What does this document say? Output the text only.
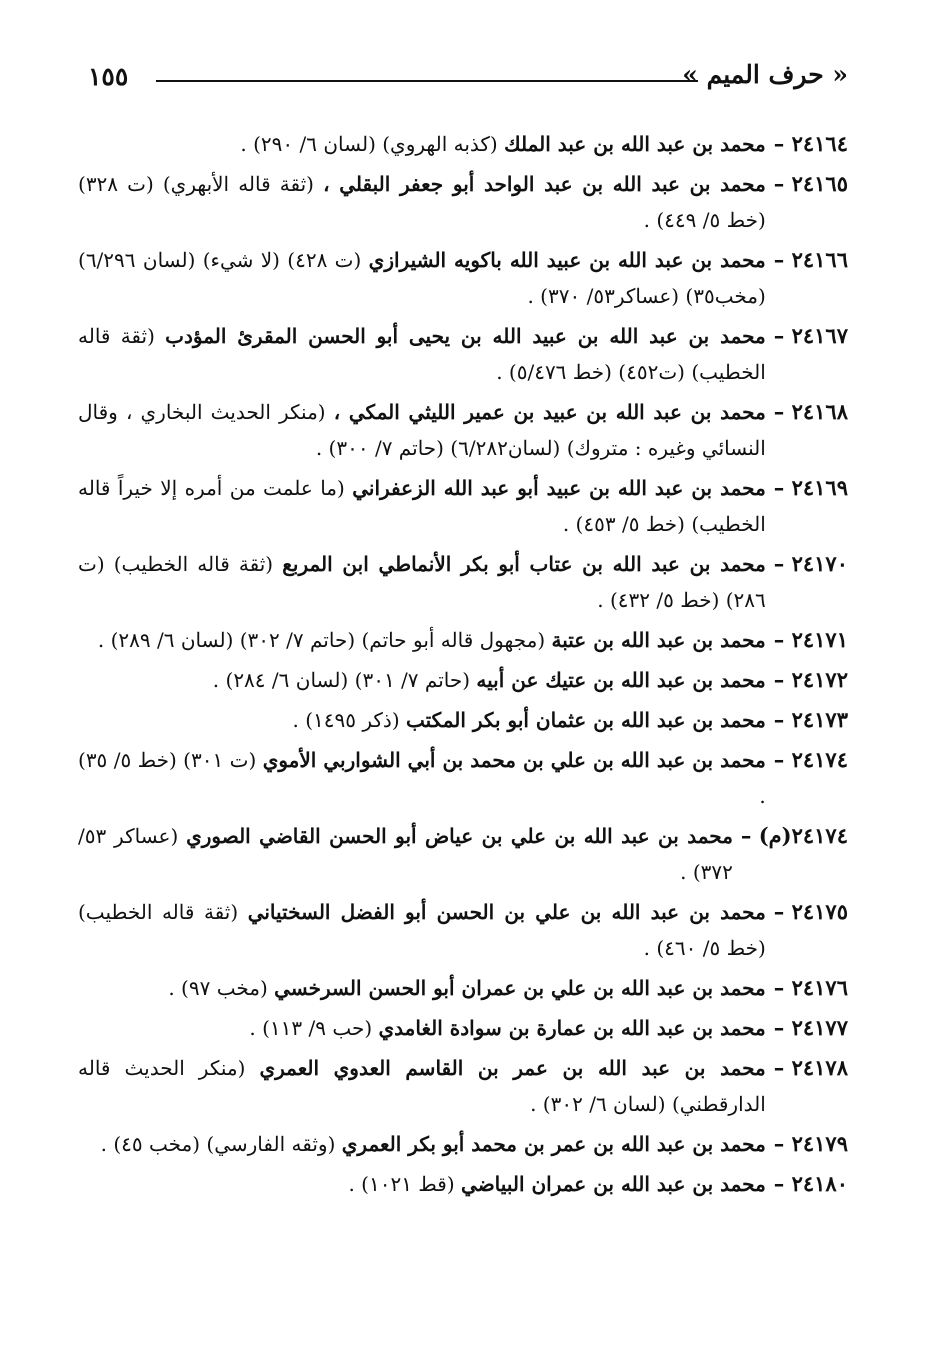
١٥٥	« حرف الميم »
٢٤١٦٤ –
محمد بن عبد الله بن عبد الملك (كذبه الهروي) (لسان ٦/ ٢٩٠) .
٢٤١٦٥ –
محمد بن عبد الله بن عبد الواحد أبو جعفر البقلي ، (ثقة قاله الأبهري) (ت ٣٢٨) (خط ٥/ ٤٤٩) .
٢٤١٦٦ –
محمد بن عبد الله بن عبيد الله باكويه الشيرازي (ت ٤٢٨) (لا شيء) (لسان ٦/٢٩٦) (مخب٣٥) (عساكر٥٣/ ٣٧٠) .
٢٤١٦٧ –
محمد بن عبد الله بن عبيد الله بن يحيى أبو الحسن المقرئ المؤدب (ثقة قاله الخطيب) (ت٤٥٢) (خط ٥/٤٧٦) .
٢٤١٦٨ –
محمد بن عبد الله بن عبيد بن عمير الليثي المكي ، (منكر الحديث البخاري ، وقال النسائي وغيره : متروك) (لسان٦/٢٨٢) (حاتم ٧/ ٣٠٠) .
٢٤١٦٩ –
محمد بن عبد الله بن عبيد أبو عبد الله الزعفراني (ما علمت من أمره إلا خيراً قاله الخطيب) (خط ٥/ ٤٥٣) .
٢٤١٧٠ –
محمد بن عبد الله بن عتاب أبو بكر الأنماطي ابن المربع (ثقة قاله الخطيب) (ت ٢٨٦) (خط ٥/ ٤٣٢) .
٢٤١٧١ –
محمد بن عبد الله بن عتبة (مجهول قاله أبو حاتم) (حاتم ٧/ ٣٠٢) (لسان ٦/ ٢٨٩) .
٢٤١٧٢ –
محمد بن عبد الله بن عتيك عن أبيه (حاتم ٧/ ٣٠١) (لسان ٦/ ٢٨٤) .
٢٤١٧٣ –
محمد بن عبد الله بن عثمان أبو بكر المكتب (ذكر ١٤٩٥) .
٢٤١٧٤ –
محمد بن عبد الله بن علي بن محمد بن أبي الشواربي الأموي (ت ٣٠١) (خط ٥/ ٣٥) .
٢٤١٧٤(م) –
محمد بن عبد الله بن علي بن عياض أبو الحسن القاضي الصوري (عساكر ٥٣/ ٣٧٢) .
٢٤١٧٥ –
محمد بن عبد الله بن علي بن الحسن أبو الفضل السختياني (ثقة قاله الخطيب) (خط ٥/ ٤٦٠) .
٢٤١٧٦ –
محمد بن عبد الله بن علي بن عمران أبو الحسن السرخسي (مخب ٩٧) .
٢٤١٧٧ –
محمد بن عبد الله بن عمارة بن سوادة الغامدي (حب ٩/ ١١٣) .
٢٤١٧٨ –
محمد بن عبد الله بن عمر بن القاسم العدوي العمري (منكر الحديث قاله الدارقطني) (لسان ٦/ ٣٠٢) .
٢٤١٧٩ –
محمد بن عبد الله بن عمر بن محمد أبو بكر العمري (وثقه الفارسي) (مخب ٤٥) .
٢٤١٨٠ –
محمد بن عبد الله بن عمران البياضي (قط ١٠٢١) .
